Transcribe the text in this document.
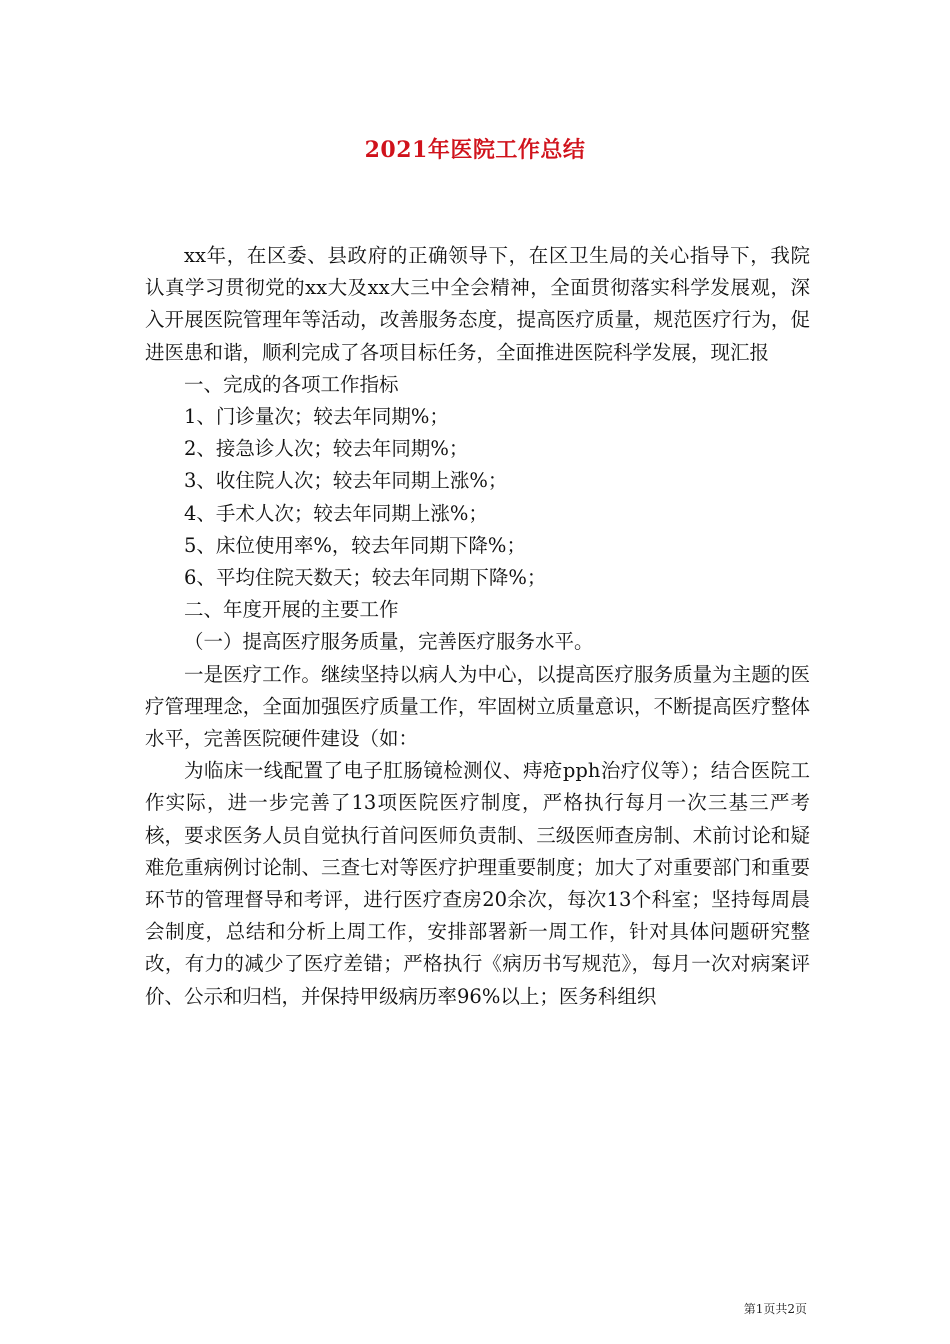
2021年医院工作总结

xx年，在区委、县政府的正确领导下，在区卫生局的关心指导下，我院认真学习贯彻党的xx大及xx大三中全会精神，全面贯彻落实科学发展观，深入开展医院管理年等活动，改善服务态度，提高医疗质量，规范医疗行为，促进医患和谐，顺利完成了各项目标任务，全面推进医院科学发展，现汇报

一、完成的各项工作指标

1、门诊量次；较去年同期%；

2、接急诊人次；较去年同期%；

3、收住院人次；较去年同期上涨%；

4、手术人次；较去年同期上涨%；

5、床位使用率%，较去年同期下降%；

6、平均住院天数天；较去年同期下降%；

二、年度开展的主要工作

（一）提高医疗服务质量，完善医疗服务水平。

一是医疗工作。继续坚持以病人为中心，以提高医疗服务质量为主题的医疗管理理念，全面加强医疗质量工作，牢固树立质量意识，不断提高医疗整体水平，完善医院硬件建设（如：

为临床一线配置了电子肛肠镜检测仪、痔疮pph治疗仪等）；结合医院工作实际，进一步完善了13项医院医疗制度，严格执行每月一次三基三严考核，要求医务人员自觉执行首问医师负责制、三级医师查房制、术前讨论和疑难危重病例讨论制、三查七对等医疗护理重要制度；加大了对重要部门和重要环节的管理督导和考评，进行医疗查房20余次，每次13个科室；坚持每周晨会制度，总结和分析上周工作，安排部署新一周工作，针对具体问题研究整改，有力的减少了医疗差错；严格执行《病历书写规范》，每月一次对病案评价、公示和归档，并保持甲级病历率96%以上；医务科组织

第1页共2页
